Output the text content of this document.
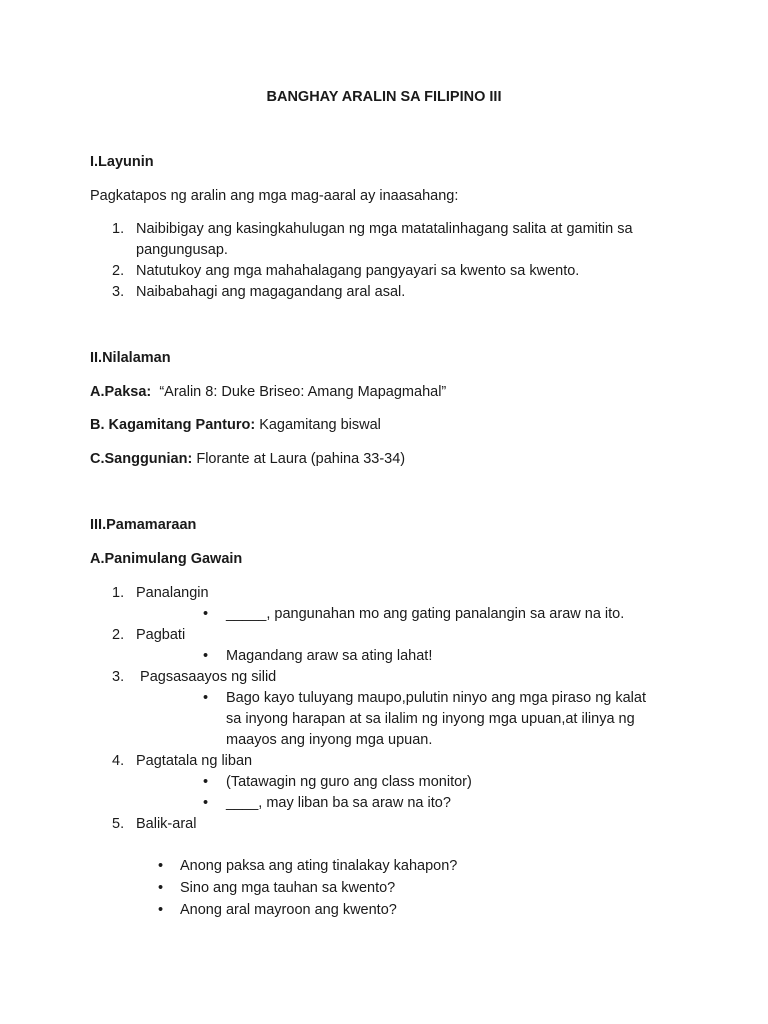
BANGHAY ARALIN SA FILIPINO III

I.Layunin

Pagkatapos ng aralin ang mga mag-aaral ay inaasahang:

1. Naibibigay ang kasingkahulugan ng mga matatalinhagang salita at gamitin sa
pangungusap.
2. Natutukoy ang mga mahahalagang pangyayari sa kwento sa kwento.
3. Naibabahagi ang magagandang aral asal.

II.Nilalaman

A.Paksa: “Aralin 8: Duke Briseo: Amang Mapagmahal”

B. Kagamitang Panturo: Kagamitang biswal

C.Sanggunian: Florante at Laura (pahina 33-34)

III.Pamamaraan

A.Panimulang Gawain

1. Panalangin
• _____, pangunahan mo ang gating panalangin sa araw na ito.
2. Pagbati
• Magandang araw sa ating lahat!
3. Pagsasaayos ng silid
• Bago kayo tuluyang maupo,pulutin ninyo ang mga piraso ng kalat
sa inyong harapan at sa ilalim ng inyong mga upuan,at ilinya ng
maayos ang inyong mga upuan.
4. Pagtatala ng liban
• (Tatawagin ng guro ang class monitor)
• ____, may liban ba sa araw na ito?
5. Balik-aral
• Anong paksa ang ating tinalakay kahapon?
• Sino ang mga tauhan sa kwento?
• Anong aral mayroon ang kwento?
